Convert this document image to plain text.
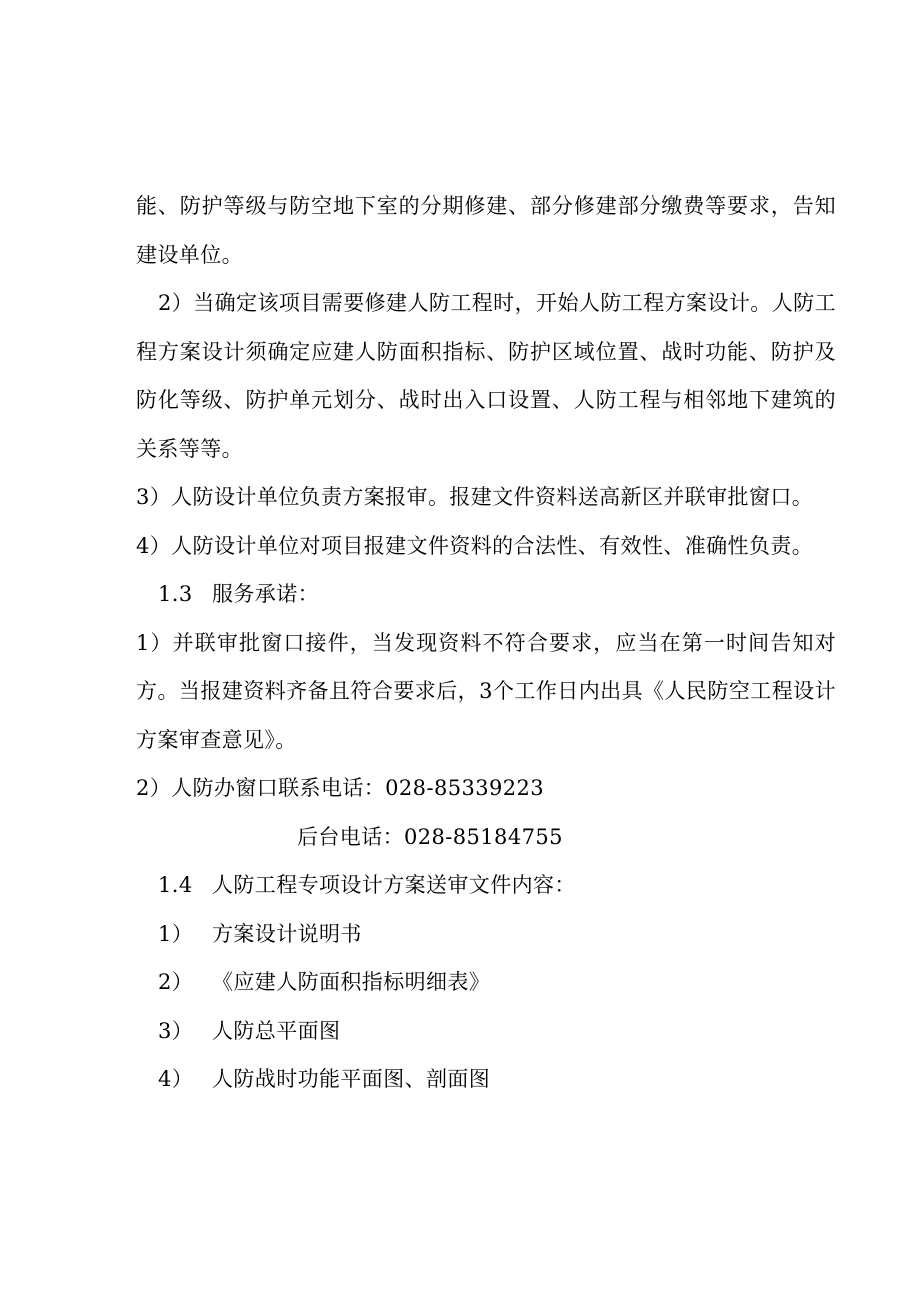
能、防护等级与防空地下室的分期修建、部分修建部分缴费等要求，告知建设单位。

2）当确定该项目需要修建人防工程时，开始人防工程方案设计。人防工程方案设计须确定应建人防面积指标、防护区域位置、战时功能、防护及防化等级、防护单元划分、战时出入口设置、人防工程与相邻地下建筑的关系等等。

3）人防设计单位负责方案报审。报建文件资料送高新区并联审批窗口。

4）人防设计单位对项目报建文件资料的合法性、有效性、准确性负责。

1.3 服务承诺：

1）并联审批窗口接件，当发现资料不符合要求，应当在第一时间告知对方。当报建资料齐备且符合要求后，3个工作日内出具《人民防空工程设计方案审查意见》。

2）人防办窗口联系电话：028-85339223

后台电话：028-85184755

1.4 人防工程专项设计方案送审文件内容：

1） 方案设计说明书

2） 《应建人防面积指标明细表》

3） 人防总平面图

4） 人防战时功能平面图、剖面图
